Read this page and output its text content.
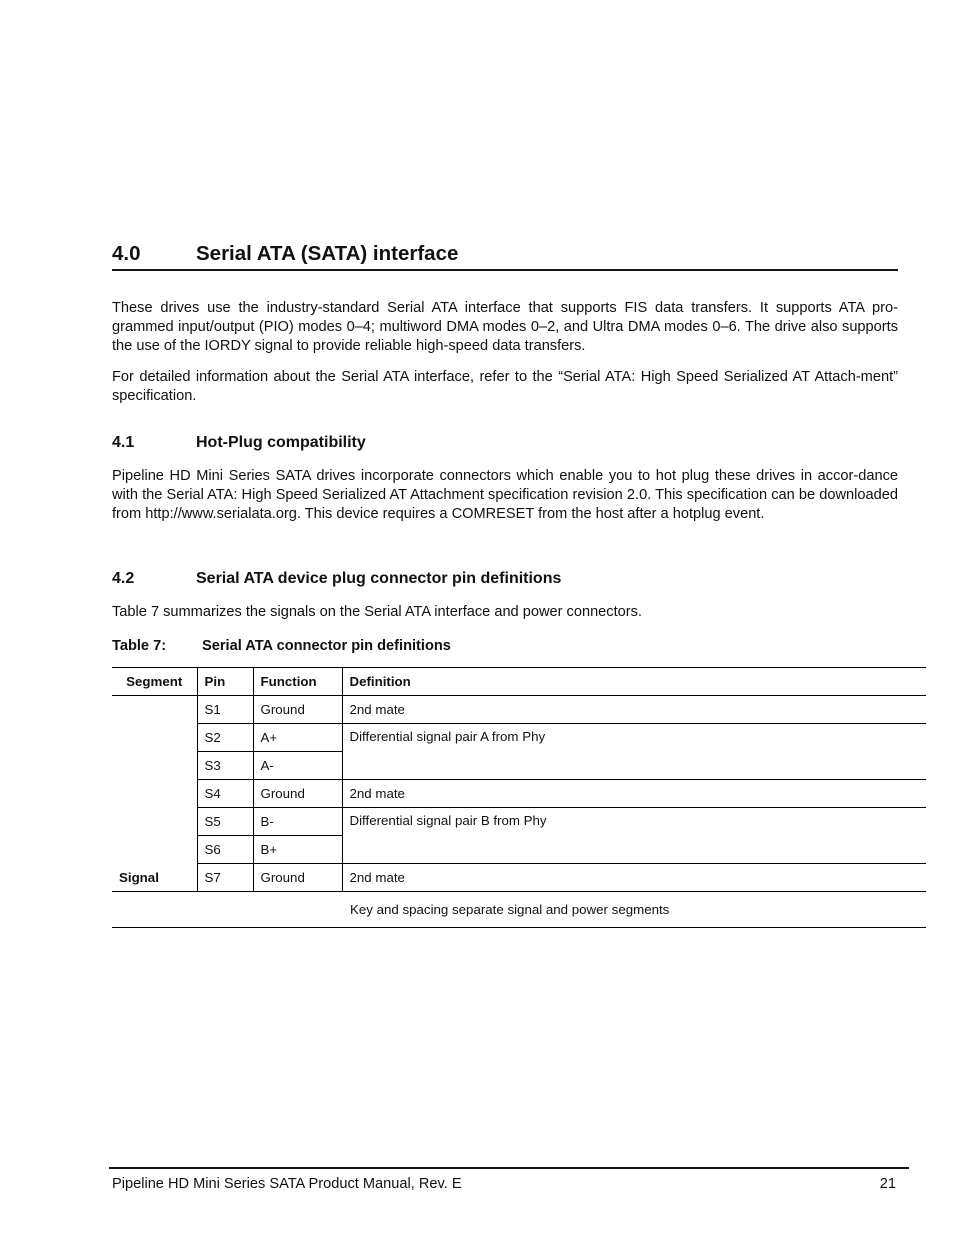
4.0	Serial ATA (SATA) interface

These drives use the industry-standard Serial ATA interface that supports FIS data transfers. It supports ATA pro-grammed input/output (PIO) modes 0–4; multiword DMA modes 0–2, and Ultra DMA modes 0–6. The drive also supports the use of the IORDY signal to provide reliable high-speed data transfers.

For detailed information about the Serial ATA interface, refer to the “Serial ATA: High Speed Serialized AT Attach-ment” specification.

4.1	Hot-Plug compatibility

Pipeline HD Mini Series SATA drives incorporate connectors which enable you to hot plug these drives in accor-dance with the Serial ATA: High Speed Serialized AT Attachment specification revision 2.0. This specification can be downloaded from http://www.serialata.org. This device requires a COMRESET from the host after a hotplug event.

4.2	Serial ATA device plug connector pin definitions

Table 7 summarizes the signals on the Serial ATA interface and power connectors.

Table 7: Serial ATA connector pin definitions
Segment	Pin	Function	Definition
Signal	S1	Ground	2nd mate
	S2	A+	Differential signal pair A from Phy
	S3	A-	
	S4	Ground	2nd mate
	S5	B-	Differential signal pair B from Phy
	S6	B+	
	S7	Ground	2nd mate
Key and spacing separate signal and power segments			
Pipeline HD Mini Series SATA Product Manual, Rev. E	21
